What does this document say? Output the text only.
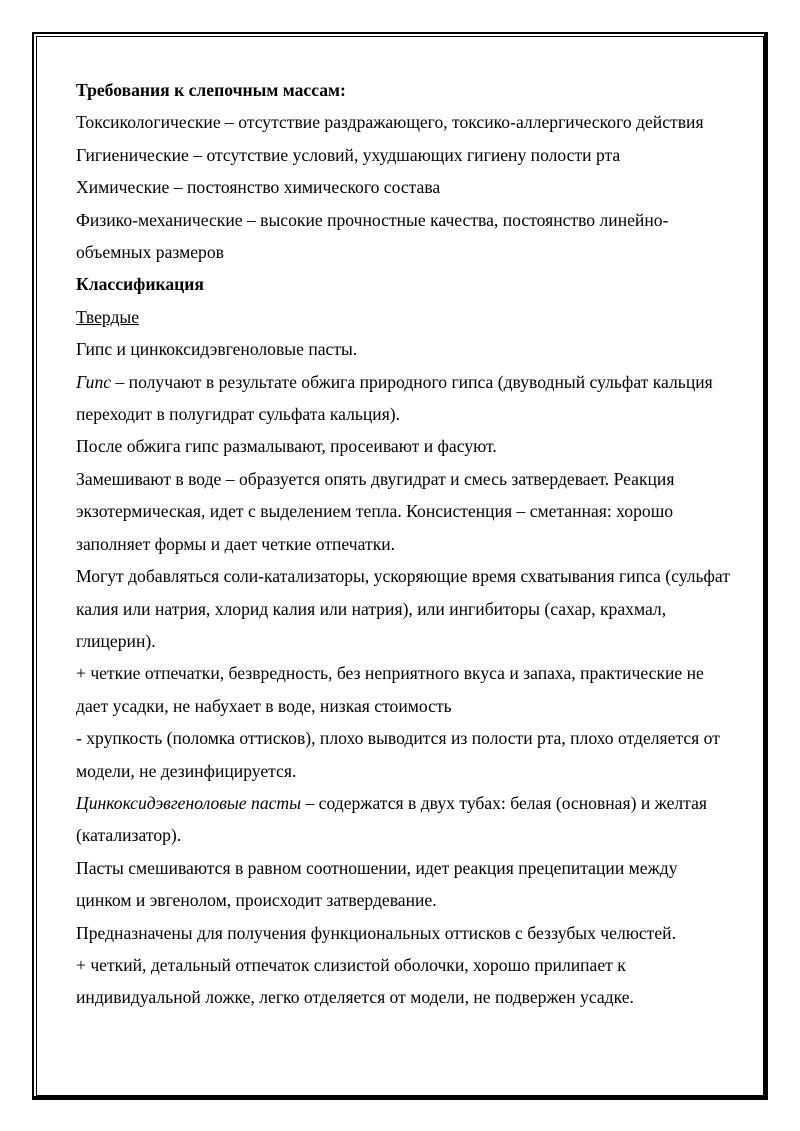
Требования к слепочным массам:

Токсикологические – отсутствие раздражающего, токсико-аллергического действия

Гигиенические – отсутствие условий, ухудшающих гигиену полости рта

Химические – постоянство химического состава

Физико-механические – высокие прочностные качества, постоянство линейно-объемных размеров

Классификация

Твердые

Гипс и цинкоксидэвгеноловые пасты.

Гипс – получают в результате обжига природного гипса (двуводный сульфат кальция переходит в полугидрат сульфата кальция).

После обжига гипс размалывают, просеивают и фасуют.

Замешивают в воде – образуется опять двугидрат и смесь затвердевает. Реакция экзотермическая, идет с выделением тепла. Консистенция – сметанная: хорошо заполняет формы и дает четкие отпечатки.

Могут добавляться соли-катализаторы, ускоряющие время схватывания гипса (сульфат калия или натрия, хлорид калия или натрия), или ингибиторы (сахар, крахмал, глицерин).

+ четкие отпечатки, безвредность, без неприятного вкуса и запаха, практические не дает усадки, не набухает в воде, низкая стоимость

- хрупкость (поломка оттисков), плохо выводится из полости рта, плохо отделяется от модели, не дезинфицируется.

Цинкоксидэвгеноловые пасты – содержатся в двух тубах: белая (основная) и желтая (катализатор).

Пасты смешиваются в равном соотношении, идет реакция прецепитации между цинком и эвгенолом, происходит затвердевание.

Предназначены для получения функциональных оттисков с беззубых челюстей.

+ четкий, детальный отпечаток слизистой оболочки, хорошо прилипает к индивидуальной ложке, легко отделяется от модели, не подвержен усадке.
